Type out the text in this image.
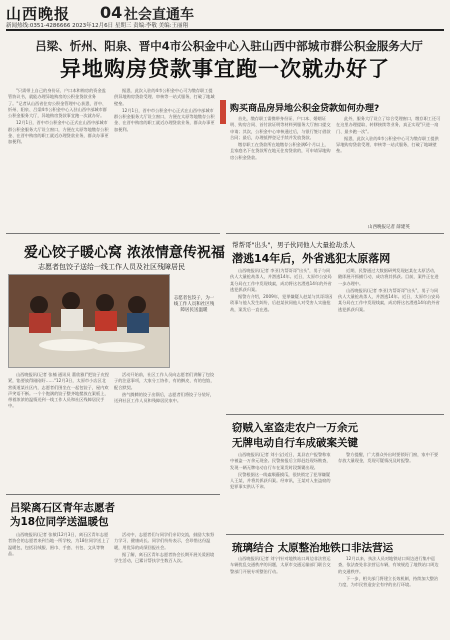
山西晚报 04 社会直通车
新闻热线:0351-4286666 2023年12月6日 星期三 责编:李敬 美编:王丽翔
吕梁、忻州、阳泉、晋中4市公积金中心入驻山西中部城市群公积金服务大厅
异地购房贷款事宜跑一次就办好了

"只需带上自己的身份证、户口本和购房的资金监管协议书，就能办理异地购房的公积金贷款业务了。"记者从山西省住房公积金管理中心获悉，晋中、忻州、阳泉、吕梁4市公积金中心入驻山西中部城市群公积金服务大厅，异地购房贷款事宜跑一次就办好。

12月1日，晋中市公积金中心正式在山西中部城市群公积金服务大厅设立窗口，方便在太原等地缴存公积金、在晋中购房的职工就近办理贷款业务，群众办事更加便利。

据悉，此次入驻的4市公积金中心可为缴存职工提供异地购房贷款受理、审核等一站式服务，打破了地域壁垒。

12月1日，晋中市公积金中心正式在山西中部城市群公积金服务大厅设立窗口，方便在太原等地缴存公积金、在晋中购房的职工就近办理贷款业务，群众办事更加便利。

购买商品房异地公积金贷款如何办理?

首先，缴存职工需携带身份证、户口本、婚姻证明、购房合同、首付款证明等材料到服务大厅窗口提交申请；其次，公积金中心审核通过后，与银行签订借款合同；最后，办理抵押登记手续并发放贷款。

缴存职工在贷款所在地缴存公积金满6个月以上，且家庭名下在贷款所在地无住房贷款的，可申请异地购房公积金贷款。

此外，服务大厅设立了综合受理窗口，缴存职工还可在这里办理提取、转移接续等业务，真正实现"只进一扇门、最多跑一次"。

据悉，此次入驻的4市公积金中心可为缴存职工提供异地购房贷款受理、审核等一站式服务，打破了地域壁垒。

山西晚报记者 薛建英
爱心饺子暖心窝 浓浓情意传祝福
志愿者包饺子送给一线工作人员及社区残障居民
志愿者包饺子，为一线工作人员和社区残障居民送温暖

山西晚报讯(记者 张楠 通讯员 董欣雅)"把饺子皮捏紧，馅要放得刚刚好……"12月3日，太原市小店区北营街道某社区内，志愿者们围坐在一起包饺子，屋内欢声笑语不断。一个个饱满的饺子整齐地摆放在案板上，带着浓浓的温情送到一线工作人员和社区残障居民手中。

活动开始前，社区工作人员向志愿者们讲解了包饺子的注意事项，大家分工协作，有的擀皮、有的包馅，配合默契。

热气腾腾的饺子出锅后，志愿者们将饺子分装好，送到社区工作人员和残障居民家中。

吕梁离石区青年志愿者
为18位同学送温暖包

山西晚报讯(记者 张敏)12月3日，离石区青年志愿者协会的志愿者来到当地一所学校，为18位同学送上了温暖包，包括羽绒服、围巾、手套、书包、文具等物品。

活动中，志愿者们与同学们亲切交流，鼓励大家努力学习、健康成长。同学们纷纷表示，会珍惜这份温暖，用优异的成绩回报社会。

据了解，离石区青年志愿者协会长期开展关爱困境学生活动，已累计帮扶学生数百人次。

帮帮哥"出头"，男子伙同他人大量抢劫杀人
潜逃14年后，外省逃犯太原落网

山西晚报讯(记者 李亚)为帮哥哥"出头"，男子与同伙人大量抢劫杀人，并潜逃14年。近日，太原市公安局某分局在工作中发现线索，成功将这名潜逃14年的外省逃犯抓获归案。

据警方介绍，2009年，犯罪嫌疑人赵某与其哥哥因琐事与他人发生纠纷，后赵某伙同他人对受害人实施抢劫，案发后一直在逃。

近期，民警通过大数据研判发现赵某在太原活动，随即展开抓捕行动，成功将其抓获。目前，案件正在进一步办理中。

山西晚报讯(记者 李亚)为帮哥哥"出头"，男子与同伙人大量抢劫杀人，并潜逃14年。近日，太原市公安局某分局在工作中发现线索，成功将这名潜逃14年的外省逃犯抓获归案。

窃贼入室盗走农户一万余元
无牌电动自行车成破案关键

山西晚报讯(记者 刘小宝)近日，某县农户报警称家中被盗一万余元现金。民警接报后立即赶赴现场勘查，发现一辆无牌电动自行车在案发时段频繁出现。

民警根据这一线索顺藤摸瓜，很快锁定了犯罪嫌疑人王某，并将其抓获归案。经审讯，王某对入室盗窃的犯罪事实供认不讳。

警方提醒，广大群众外出时要锁好门窗，家中不要存放大量现金，发现可疑情况及时报警。

琉璃结合 太原整治地铁口非法营运

山西晚报讯(记者 刘宁)针对地铁站口周边非法营运车辆扰乱交通秩序的问题，太原市交通运输部门联合交警部门开展专项整治行动。

12月以来，执法人员对地铁站口周边进行集中巡查，依法查处非法营运车辆，有效规范了地铁站口周边的交通秩序。

下一步，相关部门将建立长效机制，持续加大整治力度，为市民营造安全有序的出行环境。
